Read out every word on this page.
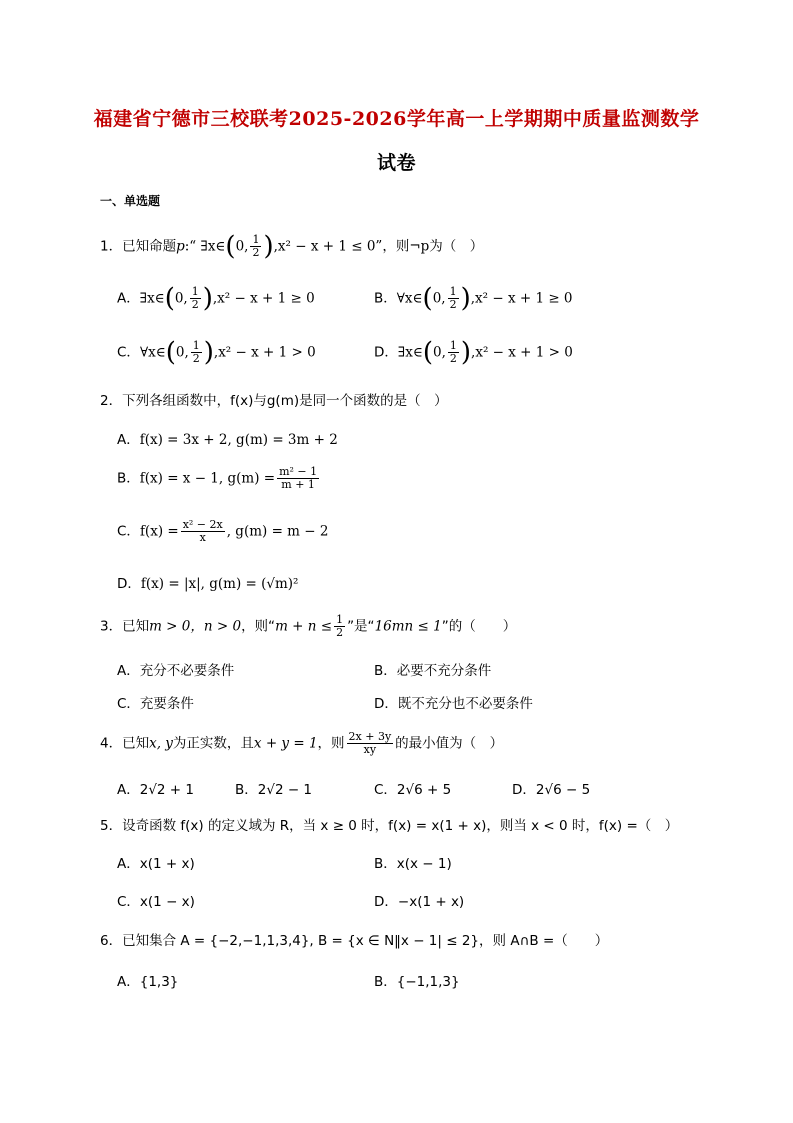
福建省宁德市三校联考2025-2026学年高一上学期期中质量监测数学
试卷
一、单选题
1．已知命题p:“ ∃x∈(0, $\frac{1}{2} ),x^2 - x + 1 \le 0$”，则¬p为（　）
A．∃x∈(0, $\frac{1}{2} ),x^2 - x + 1 \ge 0$	B．∀x∈(0, $\frac{1}{2} ),x^2 - x + 1 \ge 0$
C．∀x∈(0, $\frac{1}{2} ),x^2 - x + 1 > 0$	D．∃x∈(0, $\frac{1}{2} ),x^2 - x + 1 > 0$
2．下列各组函数中，f(x)与g(m)是同一个函数的是（　）
A．f(x) = 3x + 2, g(m) = 3m + 2
B．f(x) = x − 1, $g(m) = \frac{\text{m² − 1}}{m + 1}$
C．$f(x) = \frac{\text{x² − 2x}}{x}$ , g(m) = m − 2
D．f(x) = |x|, g(m) = (√m)²
3．已知m > 0，n > 0，则“$m + n \le \frac{1}{2}$ ”是“16mn ≤ 1”的（　　）
A．充分不必要条件	B．必要不充分条件
C．充要条件	D．既不充分也不必要条件
4．已知x, y为正实数，且x + y = 1，则 $\frac{2x + 3y}{xy}$ 的最小值为（　）
A．2√2 + 1	B．2√2 − 1	C．2√6 + 5	D．2√6 − 5
5．设奇函数 f(x) 的定义域为 R，当 x ≥ 0 时，f(x) = x(1 + x)，则当 x < 0 时，f(x) =（　）
A．x(1 + x)	B．x(x − 1)
C．x(1 − x)	D．−x(1 + x)
6．已知集合 A = {−2,−1,1,3,4}, B = {x ∈ N‖x − 1| ≤ 2}，则 A∩B =（　　）
A．{1,3}	B．{−1,1,3}
